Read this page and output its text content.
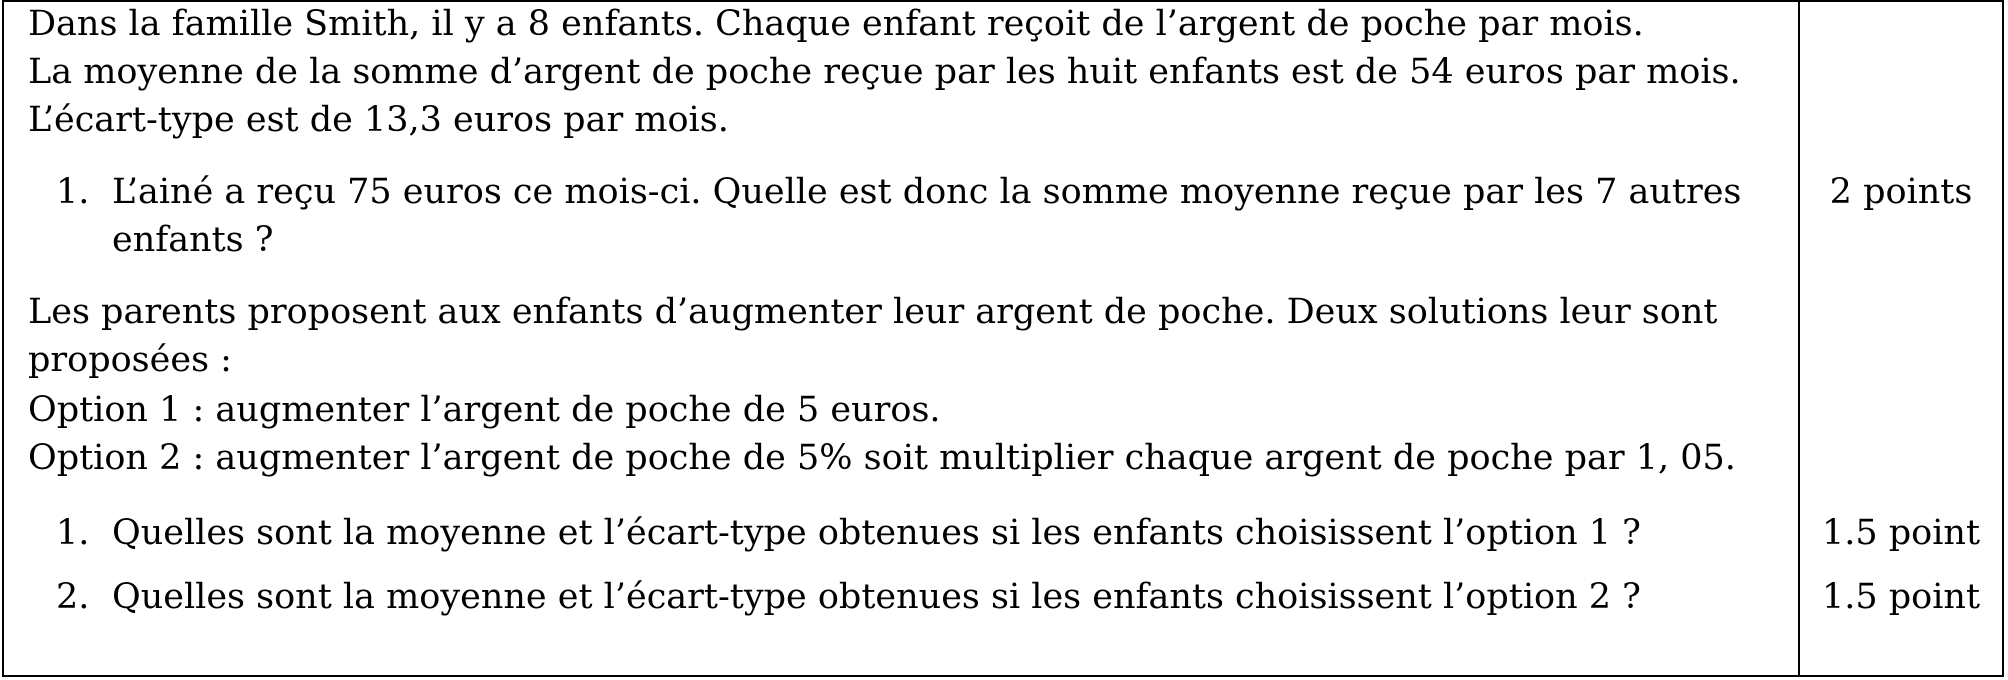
Dans la famille Smith, il y a 8 enfants. Chaque enfant reçoit de l’argent de poche par mois.
La moyenne de la somme d’argent de poche reçue par les huit enfants est de 54 euros par mois.
L’écart-type est de 13,3 euros par mois.
1. L’ainé a reçu 75 euros ce mois-ci. Quelle est donc la somme moyenne reçue par les 7 autres
enfants ?
2 points
Les parents proposent aux enfants d’augmenter leur argent de poche. Deux solutions leur sont
proposées :
Option 1 : augmenter l’argent de poche de 5 euros.
Option 2 : augmenter l’argent de poche de 5% soit multiplier chaque argent de poche par 1, 05.
1. Quelles sont la moyenne et l’écart-type obtenues si les enfants choisissent l’option 1 ?	1.5 point
2. Quelles sont la moyenne et l’écart-type obtenues si les enfants choisissent l’option 2 ?	1.5 point
